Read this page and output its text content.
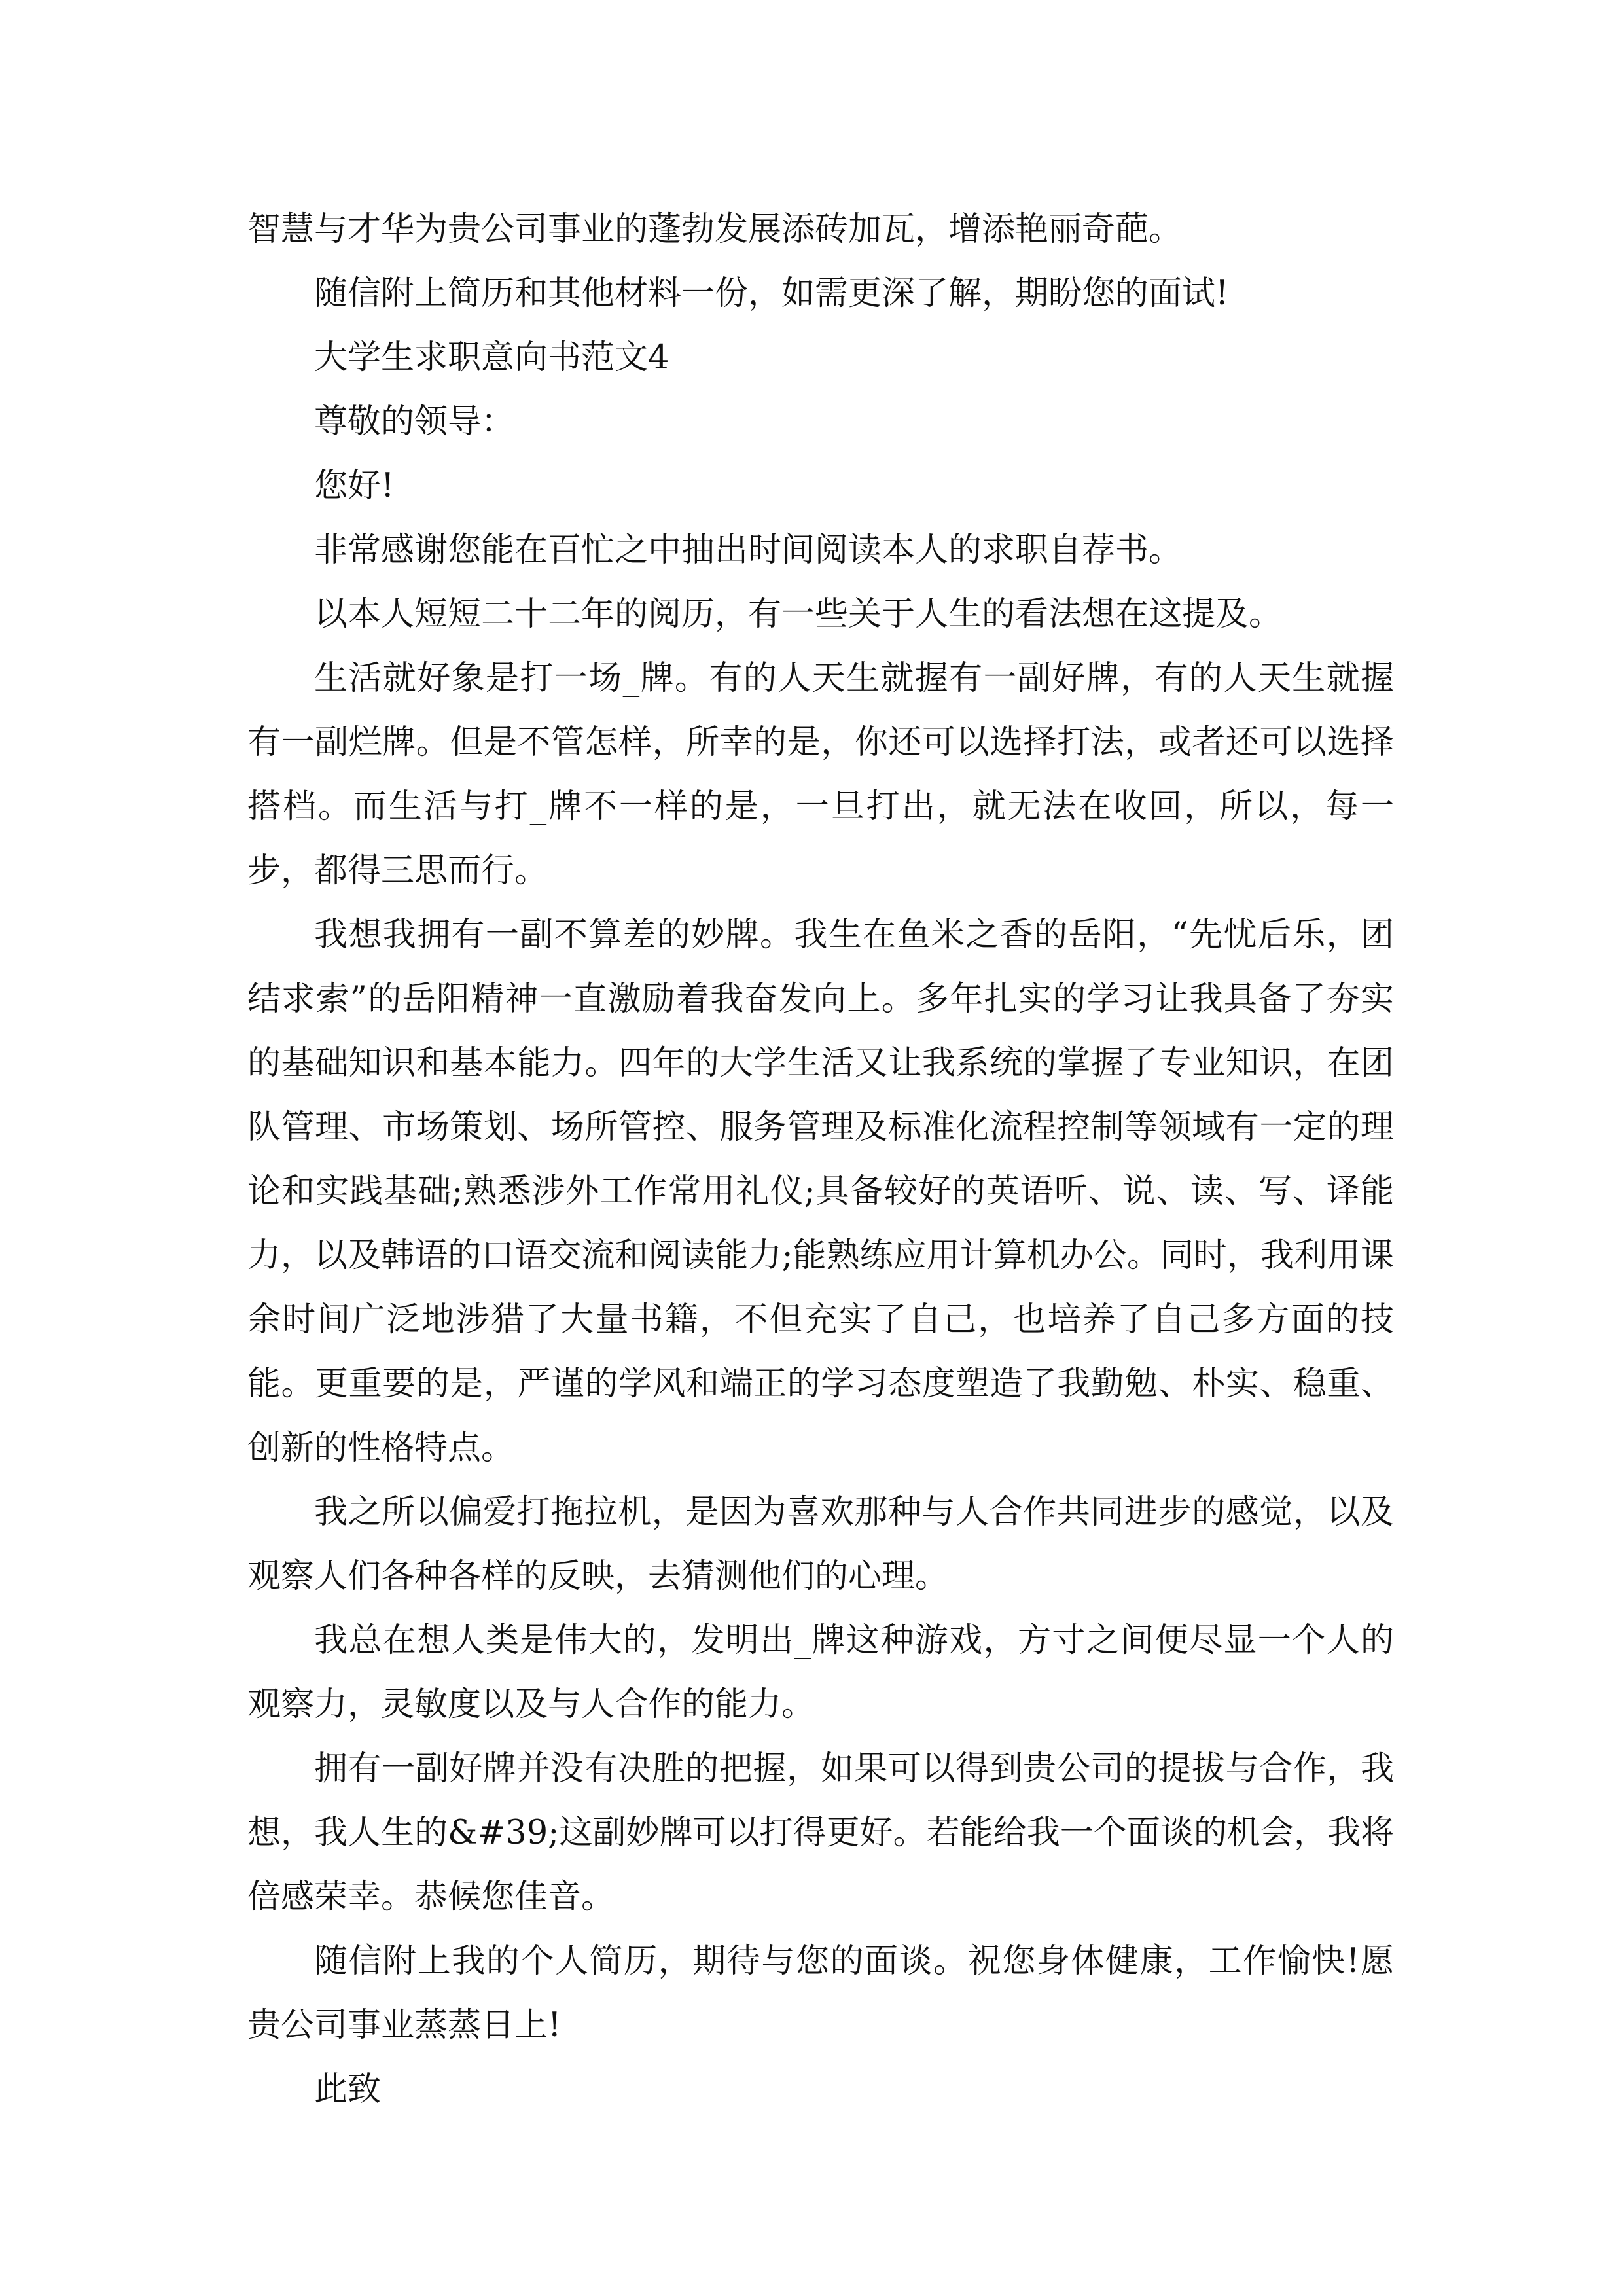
智慧与才华为贵公司事业的蓬勃发展添砖加瓦，增添艳丽奇葩。

随信附上简历和其他材料一份，如需更深了解，期盼您的面试!

大学生求职意向书范文4

尊敬的领导：

您好!

非常感谢您能在百忙之中抽出时间阅读本人的求职自荐书。

以本人短短二十二年的阅历，有一些关于人生的看法想在这提及。

生活就好象是打一场_牌。有的人天生就握有一副好牌，有的人天生就握有一副烂牌。但是不管怎样，所幸的是，你还可以选择打法，或者还可以选择搭档。而生活与打_牌不一样的是，一旦打出，就无法在收回，所以，每一步，都得三思而行。

我想我拥有一副不算差的妙牌。我生在鱼米之香的岳阳，“先忧后乐，团结求索”的岳阳精神一直激励着我奋发向上。多年扎实的学习让我具备了夯实的基础知识和基本能力。四年的大学生活又让我系统的掌握了专业知识，在团队管理、市场策划、场所管控、服务管理及标准化流程控制等领域有一定的理论和实践基础;熟悉涉外工作常用礼仪;具备较好的英语听、说、读、写、译能力，以及韩语的口语交流和阅读能力;能熟练应用计算机办公。同时，我利用课余时间广泛地涉猎了大量书籍，不但充实了自己，也培养了自己多方面的技能。更重要的是，严谨的学风和端正的学习态度塑造了我勤勉、朴实、稳重、创新的性格特点。

我之所以偏爱打拖拉机，是因为喜欢那种与人合作共同进步的感觉，以及观察人们各种各样的反映，去猜测他们的心理。

我总在想人类是伟大的，发明出_牌这种游戏，方寸之间便尽显一个人的观察力，灵敏度以及与人合作的能力。

拥有一副好牌并没有决胜的把握，如果可以得到贵公司的提拔与合作，我想，我人生的&#39;这副妙牌可以打得更好。若能给我一个面谈的机会，我将倍感荣幸。恭候您佳音。

随信附上我的个人简历，期待与您的面谈。祝您身体健康，工作愉快!愿贵公司事业蒸蒸日上!

此致
